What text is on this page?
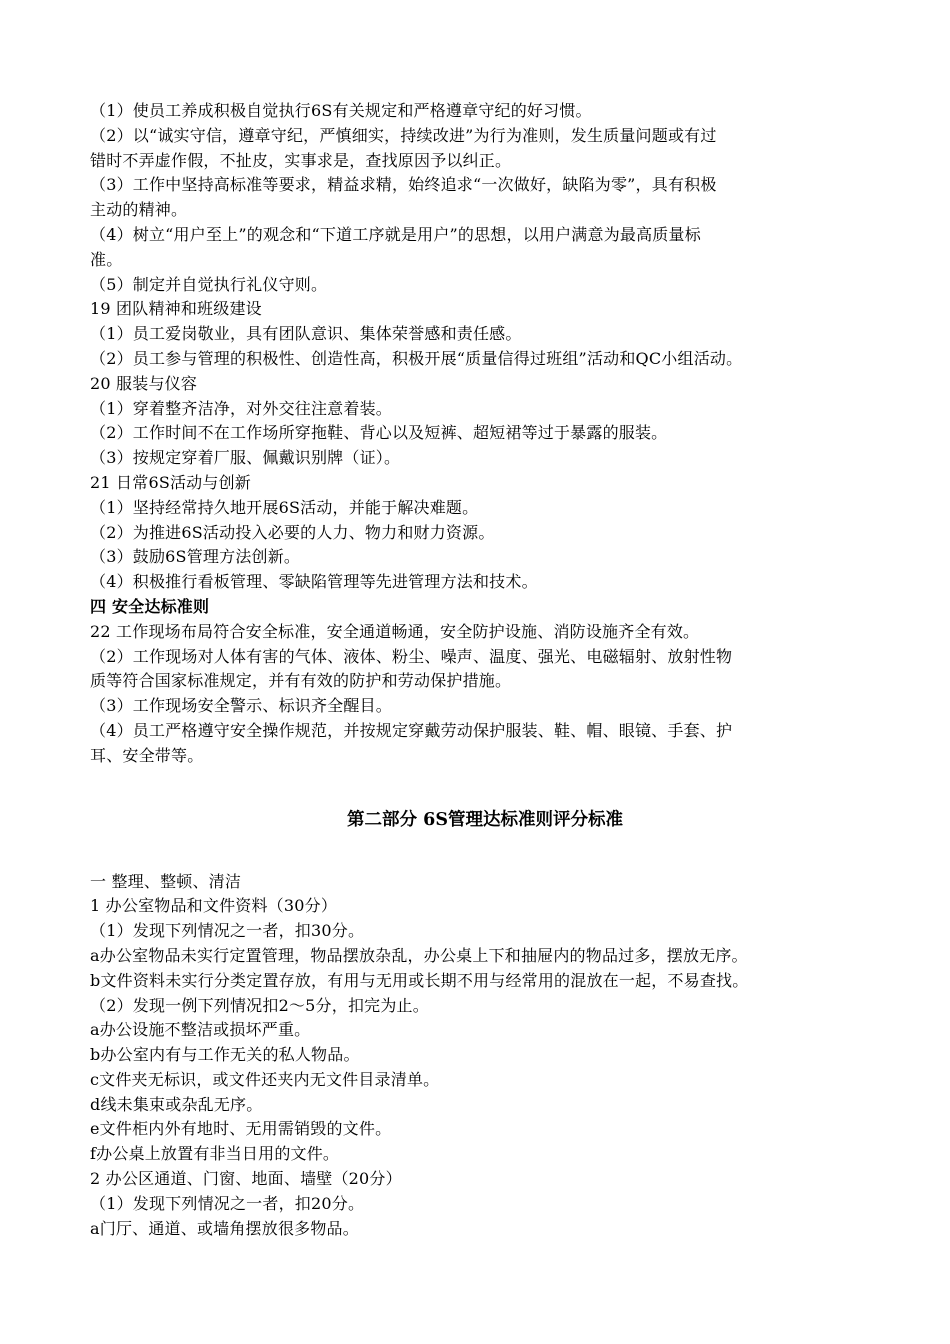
（1）使员工养成积极自觉执行6S有关规定和严格遵章守纪的好习惯。
（2）以“诚实守信，遵章守纪，严慎细实，持续改进”为行为准则，发生质量问题或有过
错时不弄虚作假，不扯皮，实事求是，查找原因予以纠正。
（3）工作中坚持高标准等要求，精益求精，始终追求“一次做好，缺陷为零”，具有积极
主动的精神。
（4）树立“用户至上”的观念和“下道工序就是用户”的思想，以用户满意为最高质量标
准。
（5）制定并自觉执行礼仪守则。
19 团队精神和班级建设
（1）员工爱岗敬业，具有团队意识、集体荣誉感和责任感。
（2）员工参与管理的积极性、创造性高，积极开展“质量信得过班组”活动和QC小组活动。
20 服装与仪容
（1）穿着整齐洁净，对外交往注意着装。
（2）工作时间不在工作场所穿拖鞋、背心以及短裤、超短裙等过于暴露的服装。
（3）按规定穿着厂服、佩戴识别牌（证）。
21 日常6S活动与创新
（1）坚持经常持久地开展6S活动，并能于解决难题。
（2）为推进6S活动投入必要的人力、物力和财力资源。
（3）鼓励6S管理方法创新。
（4）积极推行看板管理、零缺陷管理等先进管理方法和技术。
四 安全达标准则
22 工作现场布局符合安全标准，安全通道畅通，安全防护设施、消防设施齐全有效。
（2）工作现场对人体有害的气体、液体、粉尘、噪声、温度、强光、电磁辐射、放射性物
质等符合国家标准规定，并有有效的防护和劳动保护措施。
（3）工作现场安全警示、标识齐全醒目。
（4）员工严格遵守安全操作规范，并按规定穿戴劳动保护服装、鞋、帽、眼镜、手套、护
耳、安全带等。
第二部分 6S管理达标准则评分标准
一 整理、整顿、清洁
1 办公室物品和文件资料（30分）
（1）发现下列情况之一者，扣30分。
a办公室物品未实行定置管理，物品摆放杂乱，办公桌上下和抽屉内的物品过多，摆放无序。
b文件资料未实行分类定置存放，有用与无用或长期不用与经常用的混放在一起，不易查找。
（2）发现一例下列情况扣2～5分，扣完为止。
a办公设施不整洁或损坏严重。
b办公室内有与工作无关的私人物品。
c文件夹无标识，或文件还夹内无文件目录清单。
d线未集束或杂乱无序。
e文件柜内外有地时、无用需销毁的文件。
f办公桌上放置有非当日用的文件。
2 办公区通道、门窗、地面、墙壁（20分）
（1）发现下列情况之一者，扣20分。
a门厅、通道、或墙角摆放很多物品。
